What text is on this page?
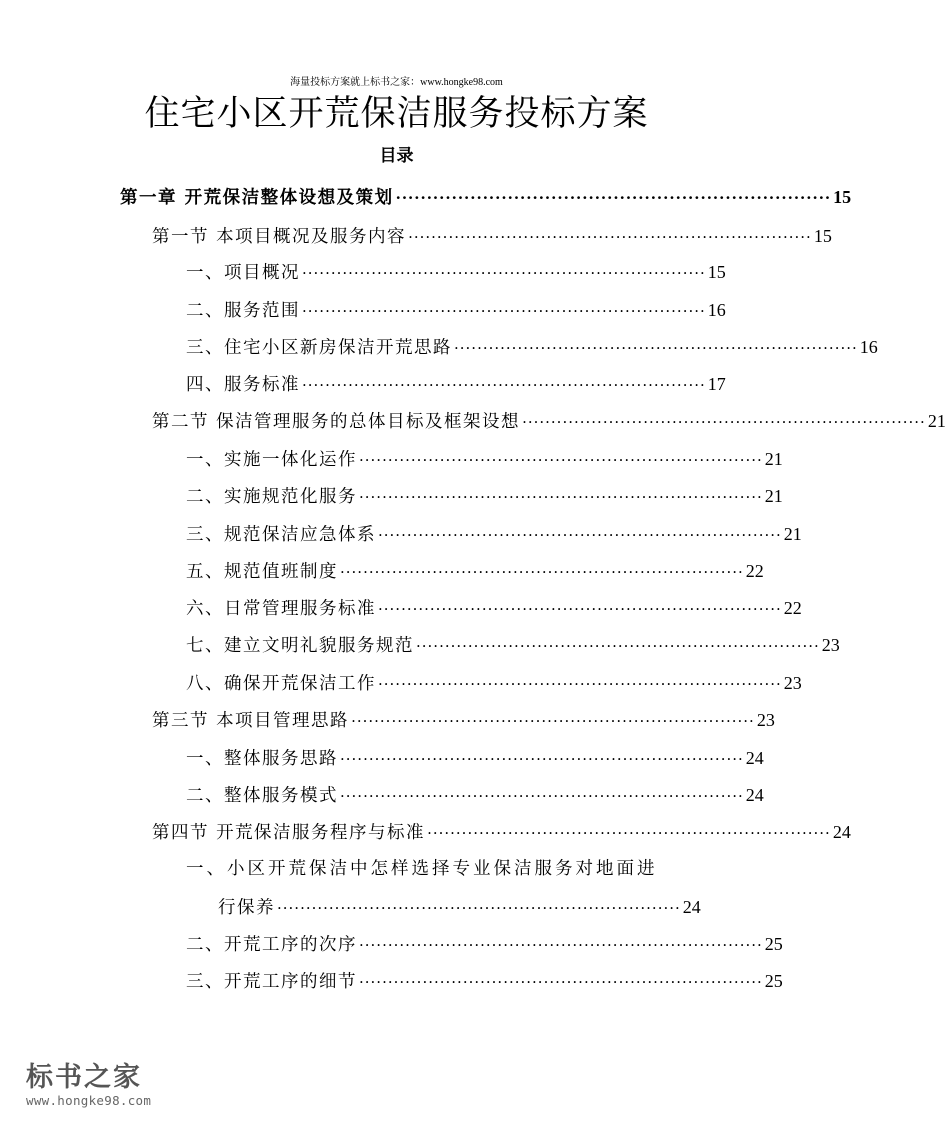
海量投标方案就上标书之家：www.hongke98.com
住宅小区开荒保洁服务投标方案
目录
第一章 开荒保洁整体设想及策划 ······································································ 15
第一节 本项目概况及服务内容 ······································································ 15
一、项目概况 ······································································ 15
二、服务范围 ······································································ 16
三、住宅小区新房保洁开荒思路 ······································································ 16
四、服务标准 ······································································ 17
第二节 保洁管理服务的总体目标及框架设想 ······································································ 21
一、实施一体化运作 ······································································ 21
二、实施规范化服务 ······································································ 21
三、规范保洁应急体系 ······································································ 21
五、规范值班制度 ······································································ 22
六、日常管理服务标准 ······································································ 22
七、建立文明礼貌服务规范 ······································································ 23
八、确保开荒保洁工作 ······································································ 23
第三节 本项目管理思路 ······································································ 23
一、整体服务思路 ······································································ 24
二、整体服务模式 ······································································ 24
第四节 开荒保洁服务程序与标准 ······································································ 24
一、小区开荒保洁中怎样选择专业保洁服务对地面进
行保养 ······································································ 24
二、开荒工序的次序 ······································································ 25
三、开荒工序的细节 ······································································ 25
标书之家
www.hongke98.com
